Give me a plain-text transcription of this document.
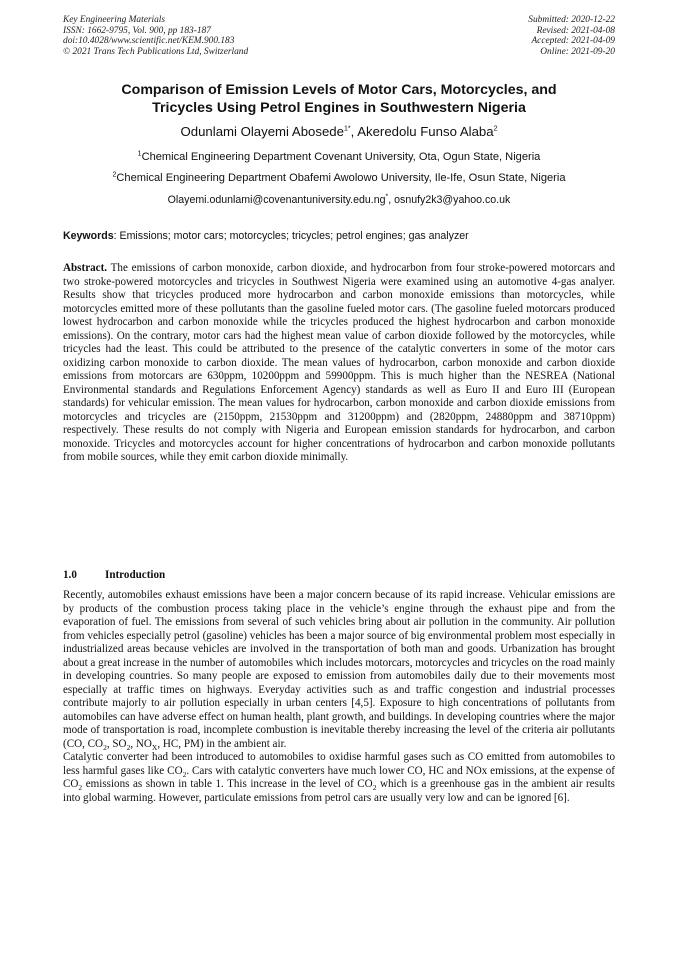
Key Engineering Materials
ISSN: 1662-9795, Vol. 900, pp 183-187
doi:10.4028/www.scientific.net/KEM.900.183
© 2021 Trans Tech Publications Ltd, Switzerland
Submitted: 2020-12-22
Revised: 2021-04-08
Accepted: 2021-04-09
Online: 2021-09-20
Comparison of Emission Levels of Motor Cars, Motorcycles, and
Tricycles Using Petrol Engines in Southwestern Nigeria
Odunlami Olayemi Abosede$^{1*}$, Akeredolu Funso Alaba$^2$
$^1$Chemical Engineering Department Covenant University, Ota, Ogun State, Nigeria
$^2$Chemical Engineering Department Obafemi Awolowo University, Ile-Ife, Osun State, Nigeria
Olayemi.odunlami@covenantuniversity.edu.ng*, osnufy2k3@yahoo.co.uk
Keywords: Emissions; motor cars; motorcycles; tricycles; petrol engines; gas analyzer
Abstract. The emissions of carbon monoxide, carbon dioxide, and hydrocarbon from four stroke-powered motorcars and two stroke-powered motorcycles and tricycles in Southwest Nigeria were examined using an automotive 4-gas analyer. Results show that tricycles produced more hydrocarbon and carbon monoxide emissions than motorcycles, while motorcycles emitted more of these pollutants than the gasoline fueled motor cars. (The gasoline fueled motorcars produced lowest hydrocarbon and carbon monoxide while the tricycles produced the highest hydrocarbon and carbon monoxide emissions). On the contrary, motor cars had the highest mean value of carbon dioxide followed by the motorcycles, while tricycles had the least. This could be attributed to the presence of the catalytic converters in some of the motor cars oxidizing carbon monoxide to carbon dioxide. The mean values of hydrocarbon, carbon monoxide and carbon dioxide emissions from motorcars are 630ppm, 10200ppm and 59900ppm. This is much higher than the NESREA (National Environmental standards and Regulations Enforcement Agency) standards as well as Euro II and Euro III (European standards) for vehicular emission. The mean values for hydrocarbon, carbon monoxide and carbon dioxide emissions from motorcycles and tricycles are (2150ppm, 21530ppm and 31200ppm) and (2820ppm, 24880ppm and 38710ppm) respectively. These results do not comply with Nigeria and European emission standards for hydrocarbon, and carbon monoxide. Tricycles and motorcycles account for higher concentrations of hydrocarbon and carbon monoxide pollutants from mobile sources, while they emit carbon dioxide minimally.
1.0	Introduction

Recently, automobiles exhaust emissions have been a major concern because of its rapid increase. Vehicular emissions are by products of the combustion process taking place in the vehicle’s engine through the exhaust pipe and from the evaporation of fuel. The emissions from several of such vehicles bring about air pollution in the community. Air pollution from vehicles especially petrol (gasoline) vehicles has been a major source of big environmental problem most especially in industrialized areas because vehicles are involved in the transportation of both man and goods. Urbanization has brought about a great increase in the number of automobiles which includes motorcars, motorcycles and tricycles on the road mainly in developing countries. So many people are exposed to emission from automobiles daily due to their movements most especially at traffic times on highways. Everyday activities such as and traffic congestion and industrial processes contribute majorly to air pollution especially in urban centers [4,5]. Exposure to high concentrations of pollutants from automobiles can have adverse effect on human health, plant growth, and buildings. In developing countries where the major mode of transportation is road, incomplete combustion is inevitable thereby increasing the level of the criteria air pollutants (CO, $CO_2$, $SO_2$, $NO_X$, HC, PM) in the ambient air.

Catalytic converter had been introduced to automobiles to oxidise harmful gases such as CO emitted from automobiles to less harmful gases like $CO_2$. Cars with catalytic converters have much lower CO, HC and NOx emissions, at the expense of $CO_2$ emissions as shown in table 1. This increase in the level of $CO_2$ which is a greenhouse gas in the ambient air results into global warming. However, particulate emissions from petrol cars are usually very low and can be ignored [6].
